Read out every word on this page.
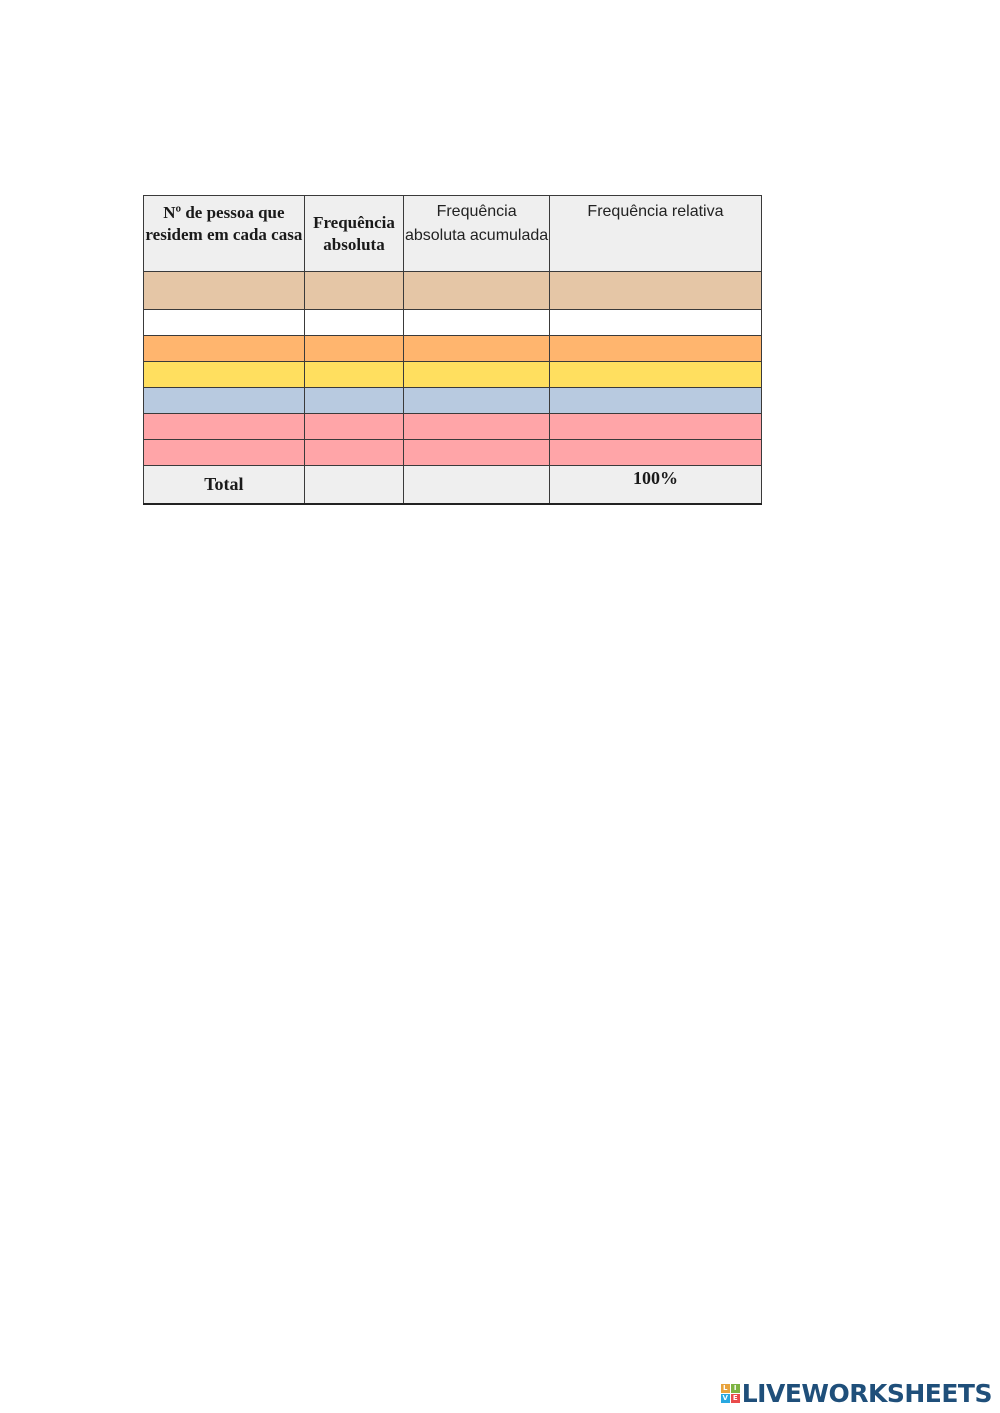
Nº de pessoa que residem em cada casa	Frequência absoluta	Frequência absoluta acumulada	Frequência relativa

Total			100%
L I
V E LIVEWORKSHEETS
